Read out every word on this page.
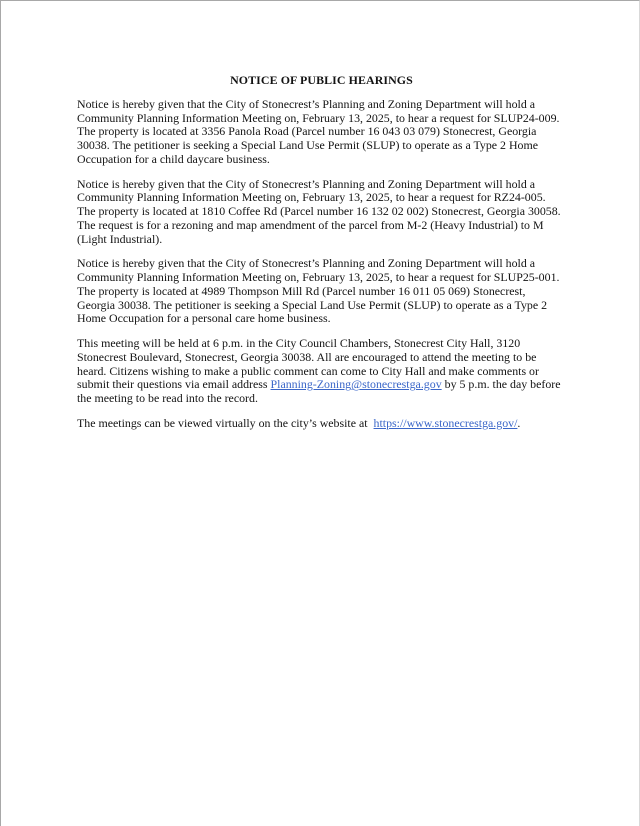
NOTICE OF PUBLIC HEARINGS

Notice is hereby given that the City of Stonecrest’s Planning and Zoning Department will hold a Community Planning Information Meeting on, February 13, 2025, to hear a request for SLUP24-009. The property is located at 3356 Panola Road (Parcel number 16 043 03 079) Stonecrest, Georgia 30038. The petitioner is seeking a Special Land Use Permit (SLUP) to operate as a Type 2 Home Occupation for a child daycare business.

Notice is hereby given that the City of Stonecrest’s Planning and Zoning Department will hold a Community Planning Information Meeting on, February 13, 2025, to hear a request for RZ24-005. The property is located at 1810 Coffee Rd (Parcel number 16 132 02 002) Stonecrest, Georgia 30058. The request is for a rezoning and map amendment of the parcel from M-2 (Heavy Industrial) to M (Light Industrial).

Notice is hereby given that the City of Stonecrest’s Planning and Zoning Department will hold a Community Planning Information Meeting on, February 13, 2025, to hear a request for SLUP25-001. The property is located at 4989 Thompson Mill Rd (Parcel number 16 011 05 069) Stonecrest, Georgia 30038. The petitioner is seeking a Special Land Use Permit (SLUP) to operate as a Type 2 Home Occupation for a personal care home business.

This meeting will be held at 6 p.m. in the City Council Chambers, Stonecrest City Hall, 3120 Stonecrest Boulevard, Stonecrest, Georgia 30038. All are encouraged to attend the meeting to be heard. Citizens wishing to make a public comment can come to City Hall and make comments or submit their questions via email address Planning-Zoning@stonecrestga.gov by 5 p.m. the day before the meeting to be read into the record.

The meetings can be viewed virtually on the city’s website at  https://www.stonecrestga.gov/.
